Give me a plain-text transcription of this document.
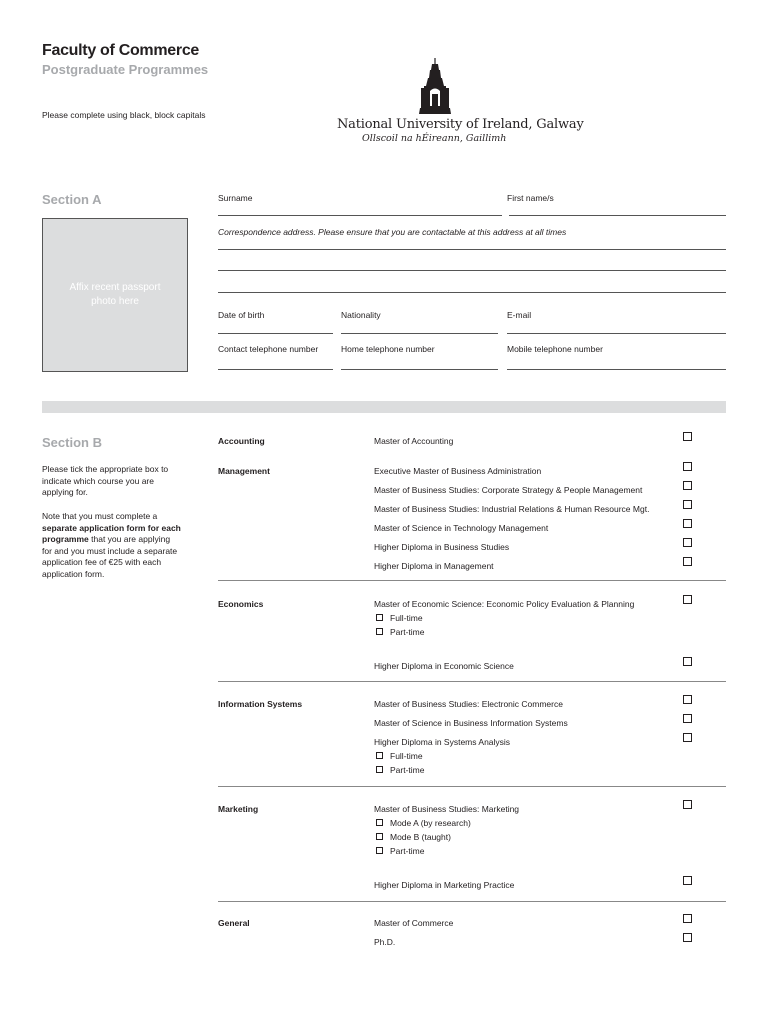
Faculty of Commerce
Postgraduate Programmes
Please complete using black, block capitals
National University of Ireland, Galway
Ollscoil na hÉireann, Gaillimh
Section A
Affix recent passport photo here
Surname	First name/s
Correspondence address. Please ensure that you are contactable at this address at all times
Date of birth	Nationality	E-mail
Contact telephone number	Home telephone number	Mobile telephone number
Section B
Please tick the appropriate box to indicate which course you are applying for.
Note that you must complete a separate application form for each programme that you are applying for and you must include a separate application fee of €25 with each application form.
Accounting	Master of Accounting
Management	Executive Master of Business Administration
Master of Business Studies: Corporate Strategy & People Management
Master of Business Studies: Industrial Relations & Human Resource Mgt.
Master of Science in Technology Management
Higher Diploma in Business Studies
Higher Diploma in Management
Economics	Master of Economic Science: Economic Policy Evaluation & Planning
Full-time
Part-time
Higher Diploma in Economic Science
Information Systems	Master of Business Studies: Electronic Commerce
Master of Science in Business Information Systems
Higher Diploma in Systems Analysis
Full-time
Part-time
Marketing	Master of Business Studies: Marketing
Mode A (by research)
Mode B (taught)
Part-time
Higher Diploma in Marketing Practice
General	Master of Commerce
Ph.D.
